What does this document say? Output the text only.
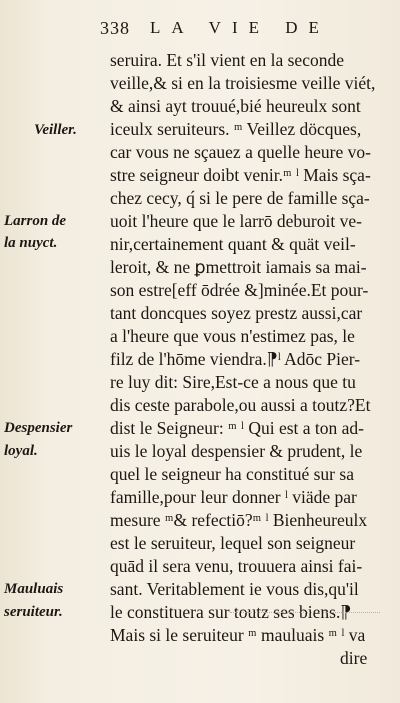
338 LA VIE DE
seruira. Et s'il vient en la seconde
veille,& si en la troisiesme veille viét,
& ainsi ayt trouué,bié heureulx sont
iceulx seruiteurs. ᵐ Veillez döcques,
car vous ne sçauez a quelle heure vo-
stre seigneur doibt venir.ᵐ ˡ Mais sça-
chez cecy, q́ si le pere de famille sça-
uoit l'heure que le larrō deburoit ve-
nir,certainement quant & quät veil-
leroit, & ne ꝑmettroit iamais sa mai-
son estre[eff ōdrée &]minée.Et pour-
tant doncques soyez prestz aussi,car
a l'heure que vous n'estimez pas, le
filz de l'hōme viendra.⁋ˡ Adōc Pier-
re luy dit: Sire,Est-ce a nous que tu
dis ceste parabole,ou aussi a toutz?Et
dist le Seigneur: ᵐ ˡ Qui est a ton ad-
uis le loyal despensier & prudent, le
quel le seigneur ha constitué sur sa
famille,pour leur donner ˡ viäde par
mesure ᵐ& refectiō?ᵐ ˡ Bienheureulx
est le seruiteur, lequel son seigneur
quād il sera venu, trouuera ainsi fai-
sant. Veritablement ie vous dis,qu'il
le constituera sur toutz ses biens.⁋
Mais si le seruiteur ᵐ mauluais ᵐ ˡ va
dire
Veiller.
Larron de
la nuyct.
Despensier
loyal.
Mauluais
seruiteur.
